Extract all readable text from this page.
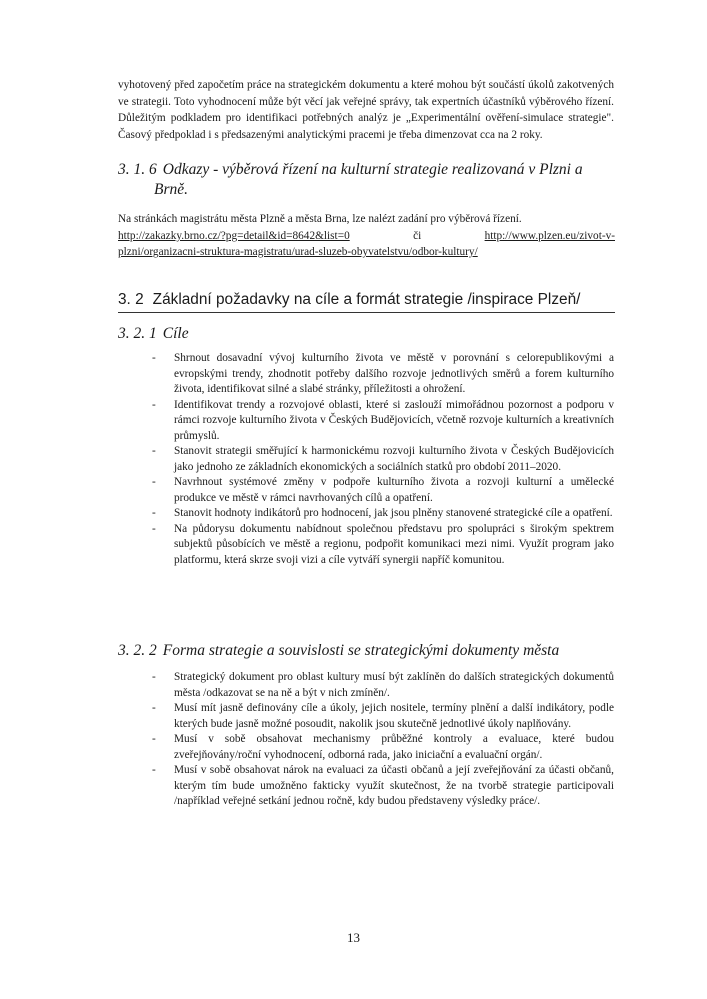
vyhotovený před započetím práce na strategickém dokumentu a které mohou být součástí úkolů zakotvených ve strategii. Toto vyhodnocení může být věcí jak veřejné správy, tak expertních účastníků výběrového řízení. Důležitým podkladem pro identifikaci potřebných analýz je „Experimentální ověření-simulace strategie". Časový předpoklad i s předsazenými analytickými pracemi je třeba dimenzovat cca na 2 roky.

3. 1. 6 Odkazy - výběrová řízení na kulturní strategie realizovaná v Plzni a
Brně.

Na stránkách magistrátu města Plzně a města Brna, lze nalézt zadání pro výběrová řízení.
http://zakazky.brno.cz/?pg=detail&id=8642&list=0	či	http://www.plzen.eu/zivot-v-
plzni/organizacni-struktura-magistratu/urad-sluzeb-obyvatelstvu/odbor-kultury/

3. 2 Základní požadavky na cíle a formát strategie /inspirace Plzeň/
3. 2. 1 Cíle
- Shrnout dosavadní vývoj kulturního života ve městě v porovnání s celorepublikovými a evropskými trendy, zhodnotit potřeby dalšího rozvoje jednotlivých směrů a forem kulturního života, identifikovat silné a slabé stránky, příležitosti a ohrožení.
- Identifikovat trendy a rozvojové oblasti, které si zaslouží mimořádnou pozornost a podporu v rámci rozvoje kulturního života v Českých Budějovicích, včetně rozvoje kulturních a kreativních průmyslů.
- Stanovit strategii směřující k harmonickému rozvoji kulturního života v Českých Budějovicích jako jednoho ze základních ekonomických a sociálních statků pro období 2011–2020.
- Navrhnout systémové změny v podpoře kulturního života a rozvoji kulturní a umělecké produkce ve městě v rámci navrhovaných cílů a opatření.
- Stanovit hodnoty indikátorů pro hodnocení, jak jsou plněny stanovené strategické cíle a opatření.
- Na půdorysu dokumentu nabídnout společnou představu pro spolupráci s širokým spektrem subjektů působících ve městě a regionu, podpořit komunikaci mezi nimi. Využít program jako platformu, která skrze svoji vizi a cíle vytváří synergii napříč komunitou.
3. 2. 2 Forma strategie a souvislosti se strategickými dokumenty města
- Strategický dokument pro oblast kultury musí být zaklíněn do dalších strategických dokumentů města /odkazovat se na ně a být v nich zmíněn/.
- Musí mít jasně definovány cíle a úkoly, jejich nositele, termíny plnění a další indikátory, podle kterých bude jasně možné posoudit, nakolik jsou skutečně jednotlivé úkoly naplňovány.
- Musí v sobě obsahovat mechanismy průběžné kontroly a evaluace, které budou zveřejňovány/roční vyhodnocení, odborná rada, jako iniciační a evaluační orgán/.
- Musí v sobě obsahovat nárok na evaluaci za účasti občanů a její zveřejňování za účasti občanů, kterým tím bude umožněno fakticky využít skutečnost, že na tvorbě strategie participovali /například veřejné setkání jednou ročně, kdy budou představeny výsledky práce/.
13
